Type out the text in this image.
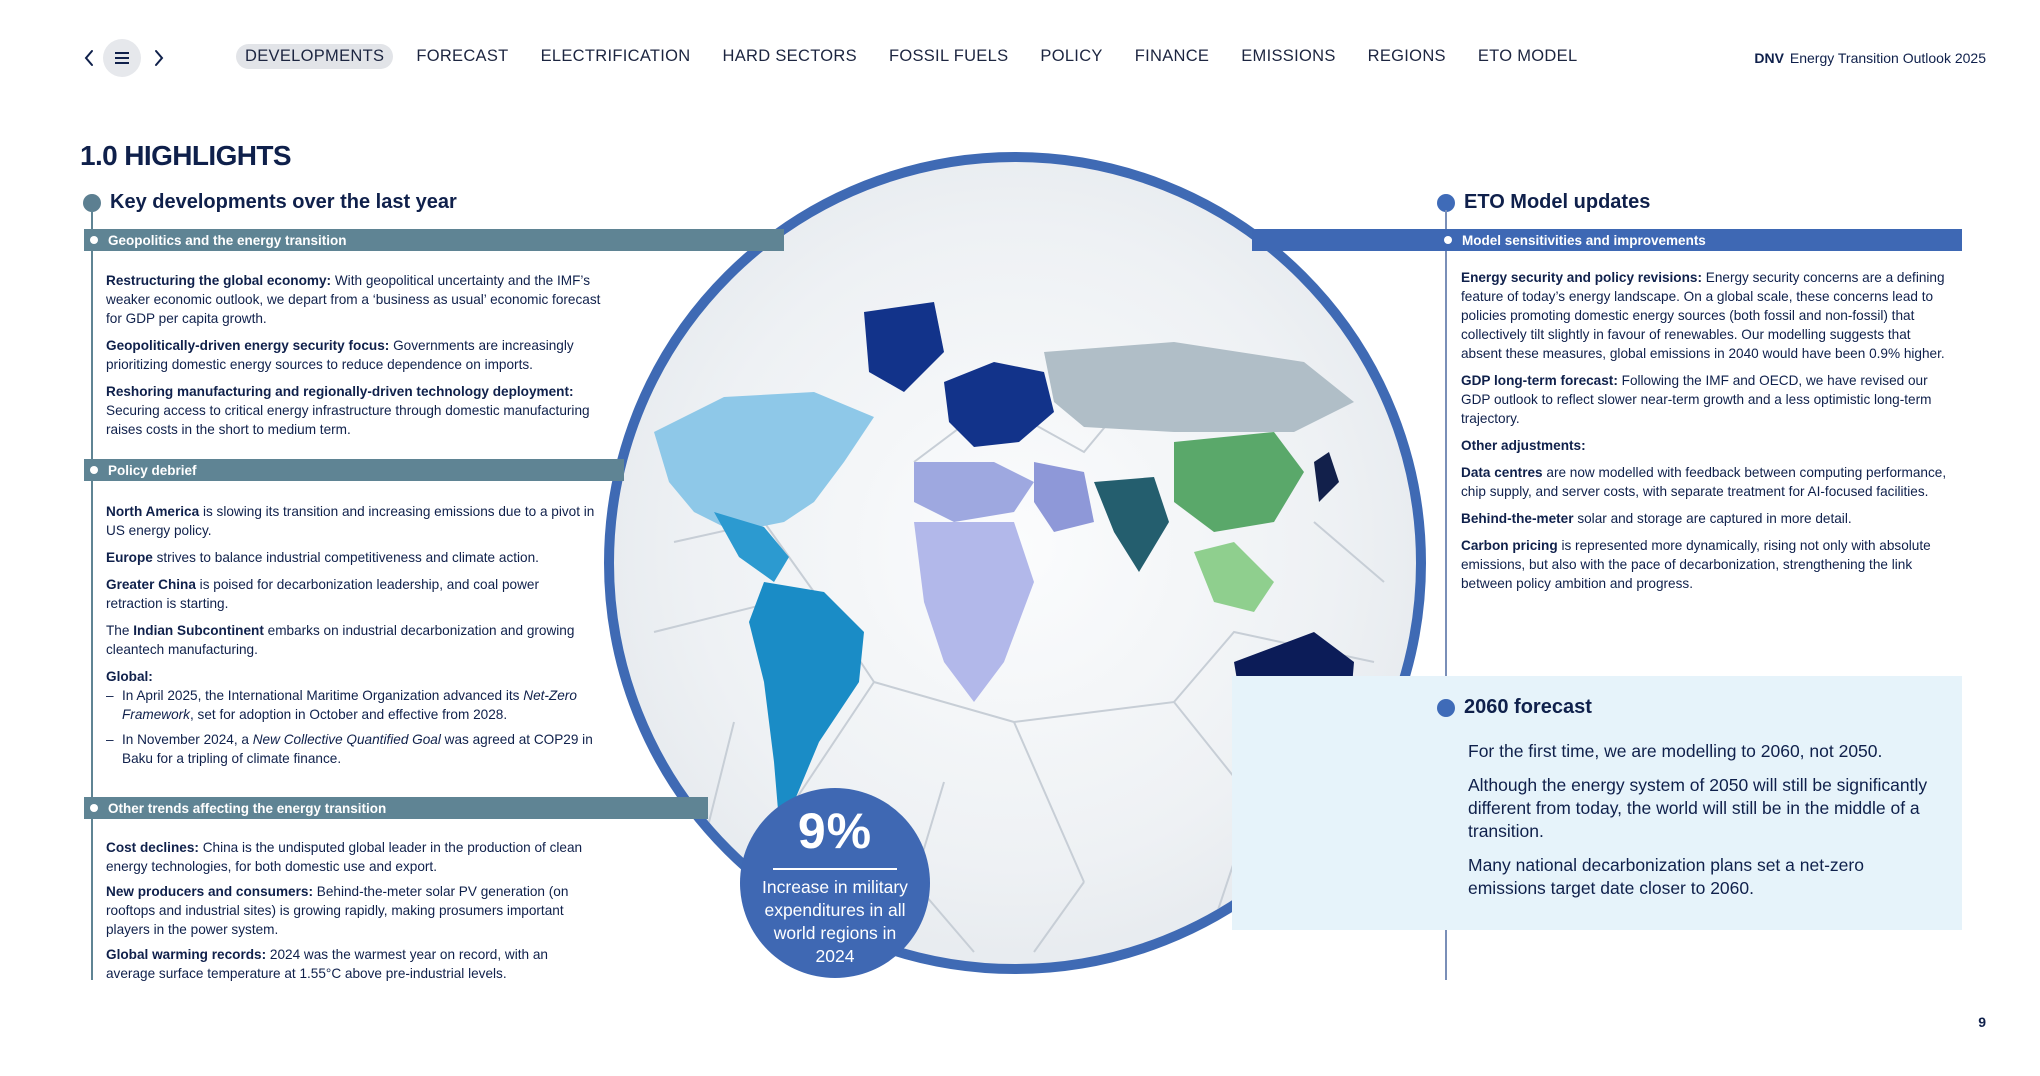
DEVELOPMENTS	FORECAST	ELECTRIFICATION	HARD SECTORS	FOSSIL FUELS	POLICY	FINANCE	EMISSIONS	REGIONS	ETO MODEL	DNV Energy Transition Outlook 2025
1.0 HIGHLIGHTS
9%
Increase in military expenditures in all world regions in 2024
Key developments over the last year
Geopolitics and the energy transition

Restructuring the global economy: With geopolitical uncertainty and the IMF’s weaker economic outlook, we depart from a ‘business as usual’ economic forecast for GDP per capita growth.

Geopolitically-driven energy security focus: Governments are increasingly prioritizing domestic energy sources to reduce dependence on imports.

Reshoring manufacturing and regionally-driven technology deployment: Securing access to critical energy infrastructure through domestic manufacturing raises costs in the short to medium term.

Policy debrief

North America is slowing its transition and increasing emissions due to a pivot in US energy policy.

Europe strives to balance industrial competitiveness and climate action.

Greater China is poised for decarbonization leadership, and coal power retraction is starting.

The Indian Subcontinent embarks on industrial decarbonization and growing cleantech manufacturing.

Global:

– In April 2025, the International Maritime Organization advanced its Net-Zero Framework, set for adoption in October and effective from 2028.
– In November 2024, a New Collective Quantified Goal was agreed at COP29 in Baku for a tripling of climate finance.
Other trends affecting the energy transition

Cost declines: China is the undisputed global leader in the production of clean energy technologies, for both domestic use and export.

New producers and consumers: Behind-the-meter solar PV generation (on rooftops and industrial sites) is growing rapidly, making prosumers important players in the power system.

Global warming records: 2024 was the warmest year on record, with an average surface temperature at 1.55°C above pre-industrial levels.

ETO Model updates
Model sensitivities and improvements

Energy security and policy revisions: Energy security concerns are a defining feature of today’s energy landscape. On a global scale, these concerns lead to policies promoting domestic energy sources (both fossil and non-fossil) that collectively tilt slightly in favour of renewables. Our modelling suggests that absent these measures, global emissions in 2040 would have been 0.9% higher.

GDP long-term forecast: Following the IMF and OECD, we have revised our GDP outlook to reflect slower near-term growth and a less optimistic long-term trajectory.

Other adjustments:

Data centres are now modelled with feedback between computing performance, chip supply, and server costs, with separate treatment for AI-focused facilities.

Behind-the-meter solar and storage are captured in more detail.

Carbon pricing is represented more dynamically, rising not only with absolute emissions, but also with the pace of decarbonization, strengthening the link between policy ambition and progress.

2060 forecast

For the first time, we are modelling to 2060, not 2050.

Although the energy system of 2050 will still be significantly different from today, the world will still be in the middle of a transition.

Many national decarbonization plans set a net-zero emissions target date closer to 2060.

9
